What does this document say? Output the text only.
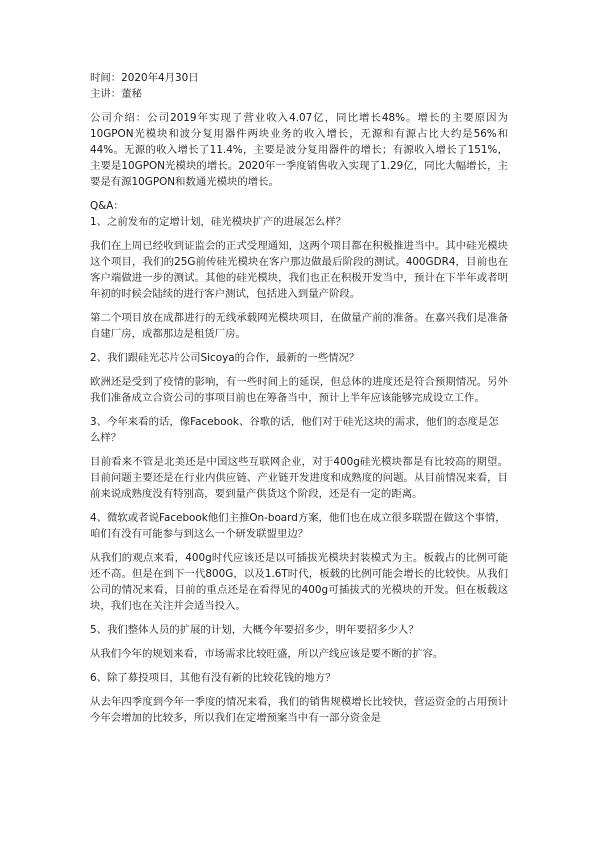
时间：2020年4月30日

主讲：董秘

公司介绍：公司2019年实现了营业收入4.07亿，同比增长48%。增长的主要原因为10GPON光模块和波分复用器件两块业务的收入增长，无源和有源占比大约是56%和44%。无源的收入增长了11.4%，主要是波分复用器件的增长；有源收入增长了151%，主要是10GPON光模块的增长。2020年一季度销售收入实现了1.29亿，同比大幅增长，主要是有源10GPON和数通光模块的增长。

Q&A：

1、之前发布的定增计划，硅光模块扩产的进展怎么样？

我们在上周已经收到证监会的正式受理通知，这两个项目都在积极推进当中。其中硅光模块这个项目，我们的25G前传硅光模块在客户那边做最后阶段的测试。400GDR4，目前也在客户端做进一步的测试。其他的硅光模块，我们也正在积极开发当中，预计在下半年或者明年初的时候会陆续的进行客户测试，包括进入到量产阶段。

第二个项目放在成都进行的无线承载网光模块项目，在做量产前的准备。在嘉兴我们是准备自建厂房，成都那边是租赁厂房。

2、我们跟硅光芯片公司Sicoya的合作，最新的一些情况？

欧洲还是受到了疫情的影响，有一些时间上的延误，但总体的进度还是符合预期情况。另外我们准备成立合资公司的事项目前也在筹备当中，预计上半年应该能够完成设立工作。

3、今年来看的话，像Facebook、谷歌的话，他们对于硅光这块的需求，他们的态度是怎么样？

目前看来不管是北美还是中国这些互联网企业，对于400g硅光模块都是有比较高的期望。目前问题主要还是在行业内供应链、产业链开发进度和成熟度的问题。从目前情况来看，目前来说成熟度没有特别高，要到量产供货这个阶段，还是有一定的距离。

4、微软或者说Facebook他们主推On-board方案，他们也在成立很多联盟在做这个事情，咱们有没有可能参与到这么一个研发联盟里边？

从我们的观点来看，400g时代应该还是以可插拔光模块封装模式为主。板载占的比例可能还不高。但是在到下一代800G，以及1.6T时代，板载的比例可能会增长的比较快。从我们公司的情况来看，目前的重点还是在看得见的400g可插拔式的光模块的开发。但在板载这块，我们也在关注并会适当投入。

5、我们整体人员的扩展的计划，大概今年要招多少，明年要招多少人？

从我们今年的规划来看，市场需求比较旺盛，所以产线应该是要不断的扩容。

6、除了募投项目，其他有没有新的比较花钱的地方？

从去年四季度到今年一季度的情况来看，我们的销售规模增长比较快，营运资金的占用预计今年会增加的比较多，所以我们在定增预案当中有一部分资金是
